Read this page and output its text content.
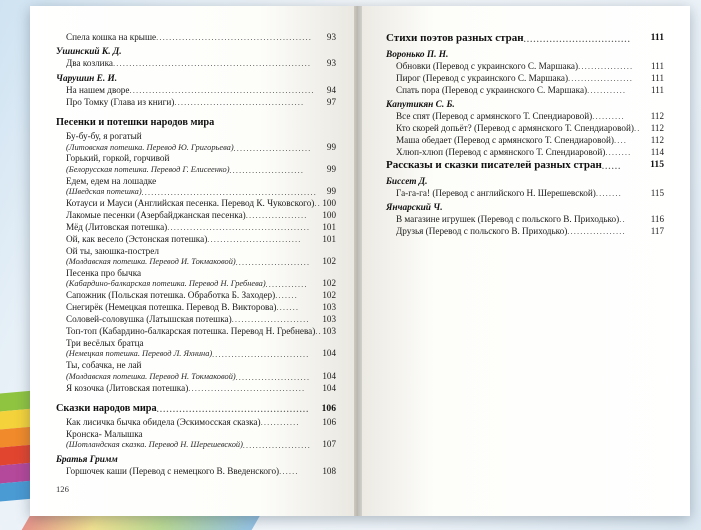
Спела кошка на крыше................................................	93
Ушинский К. Д.
Два козлика.............................................................	93
Чарушин Е. И.
На нашем дворе......................................................... 94
Про Томку (Глава из книги)........................................	97
Песенки и потешки народов мира
Бу-бу-бу, я рогатый
(Литовская потешка. Перевод Ю. Григорьева)........................	99
Горький, горкой, горчивой
(Белорусская потешка. Перевод Г. Елисеенко).......................	99
Едем, едем на лошадке
(Шведская потешка)...................................................... 99
Котауси и Мауси (Английская песенка. Перевод К. Чуковского).. 100
Лакомые песенки (Азербайджанская песенка)...................	100
Мёд (Литовская потешка)............................................	101
Ой, как весело (Эстонская потешка).............................	101
Ой ты, заюшка-пострел
(Молдавская потешка. Перевод И. Токмаковой).......................	102
Песенка про бычка
(Кабардино-балкарская потешка. Перевод Н. Гребнева).............	102
Сапожник (Польская потешка. Обработка Б. Заходер).......	102
Снегирёк (Немецкая потешка. Перевод В. Викторова).......	103
Соловей-соловушка (Латышская потешка)........................	103
Топ-топ (Кабардино-балкарская потешка. Перевод Н. Гребнева).. 103
Три весёлых братца
(Немецкая потешка. Перевод Л. Яхнина)..............................	104
Ты, собачка, не лай
(Молдавская потешка. Перевод Н. Токмаковой).......................	104
Я козочка (Литовская потешка)....................................	104
Сказки народов мира............................................... 106
Как лисичка бычка обидела (Эскимосская сказка)............	106
Кронска- Малышка
(Шотландская сказка. Перевод Н. Шерешевской).....................	107
Братья Гримм
Горшочек каши (Перевод с немецкого В. Введенского)......	108
126
Стихи поэтов разных стран................................. 111
Воронько П. Н.
Обновки (Перевод с украинского С. Маршака).................	111
Пирог (Перевод с украинского С. Маршака)....................	111
Спать пора (Перевод с украинского С. Маршака)............	111
Капутикян С. Б.
Все спят (Перевод с армянского Т. Спендиаровой)..........	112
Кто скорей допьёт? (Перевод с армянского Т. Спендиаровой)..	112
Маша обедает (Перевод с армянского Т. Спендиаровой)....	112
Хлюп-хлюп (Перевод с армянского Т. Спендиаровой)........	114
Рассказы и сказки писателей разных стран......	115
Биссет Д.
Га-га-га! (Перевод с английского Н. Шерешевской)........	115
Янчарский Ч.
В магазине игрушек (Перевод с польского В. Приходько)..	116
Друзья (Перевод с польского В. Приходько)..................	117
